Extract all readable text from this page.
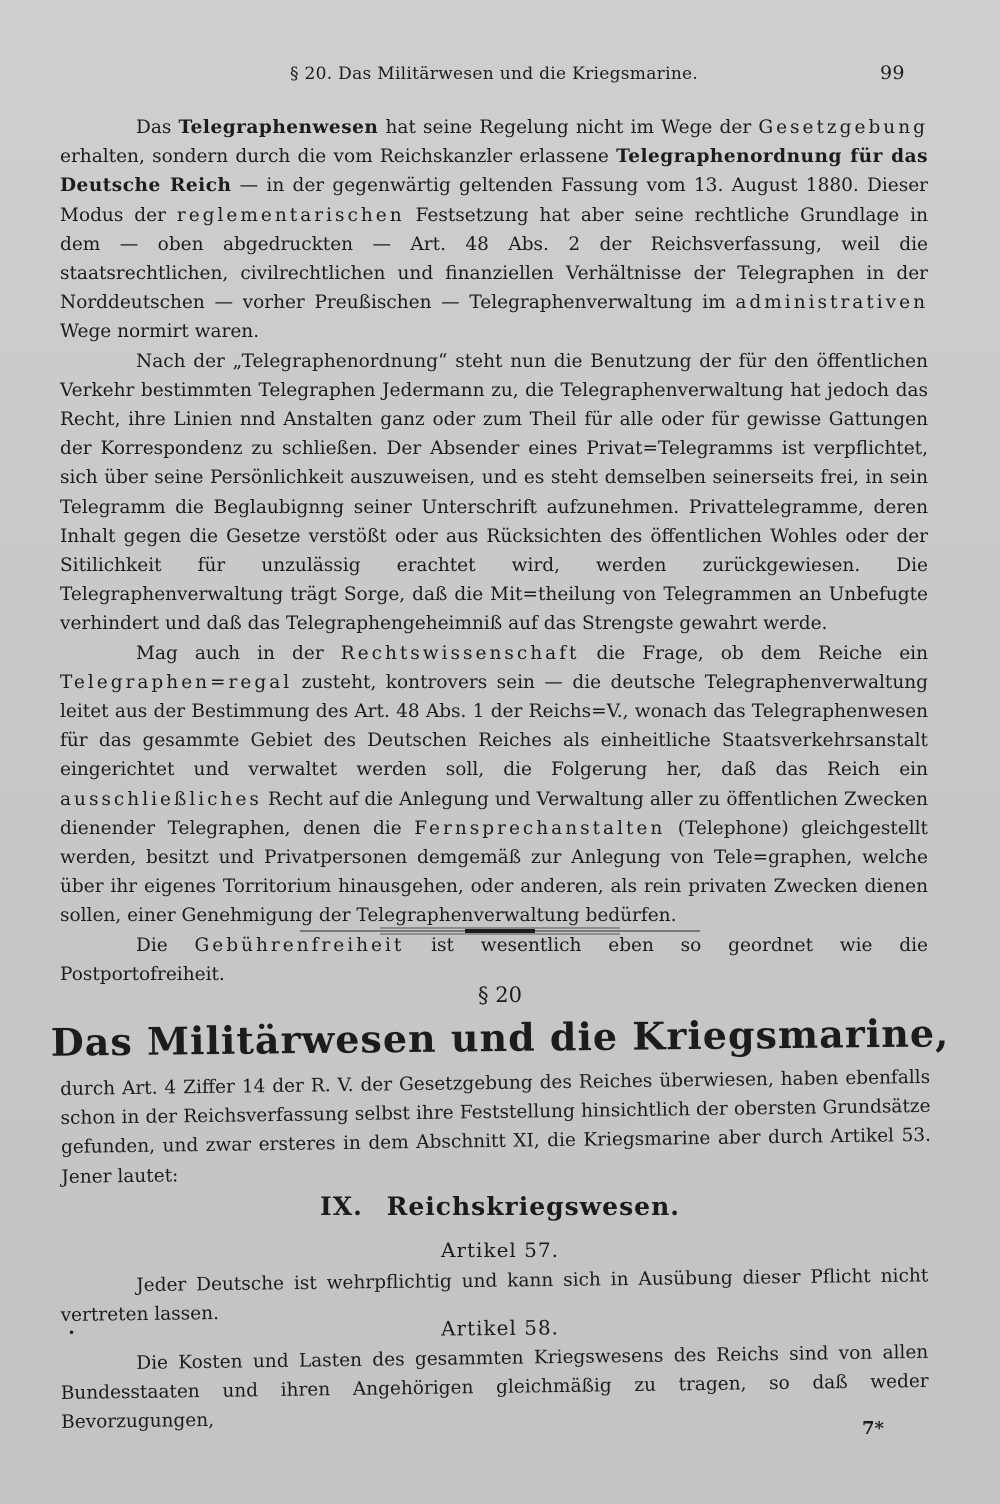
§ 20. Das Militärwesen und die Kriegsmarine.	99

Das Telegraphenwesen hat seine Regelung nicht im Wege der Gesetzgebung erhalten, sondern durch die vom Reichskanzler erlassene Telegraphenordnung für das Deutsche Reich — in der gegenwärtig geltenden Fassung vom 13. August 1880. Dieser Modus der reglementarischen Festsetzung hat aber seine rechtliche Grundlage in dem — oben abgedruckten — Art. 48 Abs. 2 der Reichsverfassung, weil die staatsrechtlichen, civilrechtlichen und finanziellen Verhältnisse der Telegraphen in der Norddeutschen — vorher Preußischen — Telegraphenverwaltung im administrativen Wege normirt waren.

Nach der „Telegraphenordnung“ steht nun die Benutzung der für den öffentlichen Verkehr bestimmten Telegraphen Jedermann zu, die Telegraphenverwaltung hat jedoch das Recht, ihre Linien nnd Anstalten ganz oder zum Theil für alle oder für gewisse Gattungen der Korrespondenz zu schließen. Der Absender eines Privat=Telegramms ist verpflichtet, sich über seine Persönlichkeit auszuweisen, und es steht demselben seinerseits frei, in sein Telegramm die Beglaubignng seiner Unterschrift aufzunehmen. Privattelegramme, deren Inhalt gegen die Gesetze verstößt oder aus Rücksichten des öffentlichen Wohles oder der Sitilichkeit für unzulässig erachtet wird, werden zurückgewiesen. Die Telegraphenverwaltung trägt Sorge, daß die Mit=theilung von Telegrammen an Unbefugte verhindert und daß das Telegraphengeheimniß auf das Strengste gewahrt werde.

Mag auch in der Rechtswissenschaft die Frage, ob dem Reiche ein Telegraphen=regal zusteht, kontrovers sein — die deutsche Telegraphenverwaltung leitet aus der Bestimmung des Art. 48 Abs. 1 der Reichs=V., wonach das Telegraphenwesen für das gesammte Gebiet des Deutschen Reiches als einheitliche Staatsverkehrsanstalt eingerichtet und verwaltet werden soll, die Folgerung her, daß das Reich ein ausschließliches Recht auf die Anlegung und Verwaltung aller zu öffentlichen Zwecken dienender Telegraphen, denen die Fernsprechanstalten (Telephone) gleichgestellt werden, besitzt und Privatpersonen demgemäß zur Anlegung von Tele=graphen, welche über ihr eigenes Torritorium hinausgehen, oder anderen, als rein privaten Zwecken dienen sollen, einer Genehmigung der Telegraphenverwaltung bedürfen.

Die Gebührenfreiheit ist wesentlich eben so geordnet wie die Postportofreiheit.

§ 20
Das Militärwesen und die Kriegsmarine,

durch Art. 4 Ziffer 14 der R. V. der Gesetzgebung des Reiches überwiesen, haben ebenfalls schon in der Reichsverfassung selbst ihre Feststellung hinsichtlich der obersten Grundsätze gefunden, und zwar ersteres in dem Abschnitt XI, die Kriegsmarine aber durch Artikel 53. Jener lautet:

IX. Reichskriegswesen.
Artikel 57.

Jeder Deutsche ist wehrpflichtig und kann sich in Ausübung dieser Pflicht nicht vertreten lassen.

•	Artikel 58.

Die Kosten und Lasten des gesammten Kriegswesens des Reichs sind von allen Bundesstaaten und ihren Angehörigen gleichmäßig zu tragen, so daß weder Bevorzugungen,	7*
